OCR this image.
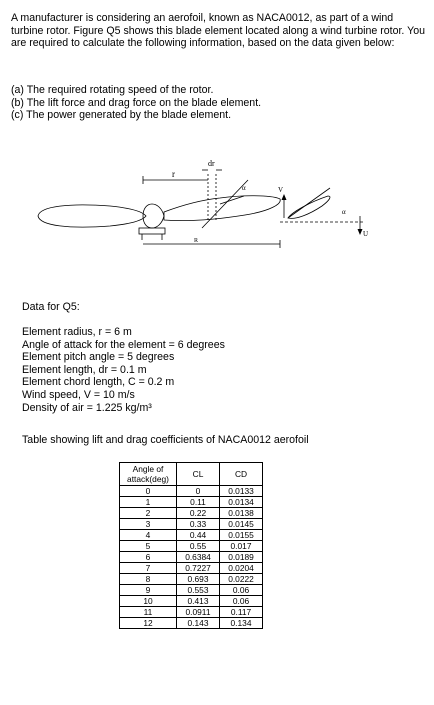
A manufacturer is considering an aerofoil, known as NACA0012, as part of a wind turbine rotor. Figure Q5 shows this blade element located along a wind turbine rotor. You are required to calculate the following information, based on the data given below:
(a) The required rotating speed of the rotor.
(b) The lift force and drag force on the blade element.
(c) The power generated by the blade element.
r
dr
R
α
α
V
U
Data for Q5:
Element radius, r = 6 m
Angle of attack for the element = 6 degrees
Element pitch angle = 5 degrees
Element length, dr = 0.1 m
Element chord length, C = 0.2 m
Wind speed, V = 10 m/s
Density of air = 1.225 kg/m³
Table showing lift and drag coefficients of NACA0012 aerofoil
Angle of attack(deg)	CL	CD
0	0	0.0133
1	0.11	0.0134
2	0.22	0.0138
3	0.33	0.0145
4	0.44	0.0155
5	0.55	0.017
6	0.6384	0.0189
7	0.7227	0.0204
8	0.693	0.0222
9	0.553	0.06
10	0.413	0.06
11	0.0911	0.117
12	0.143	0.134
